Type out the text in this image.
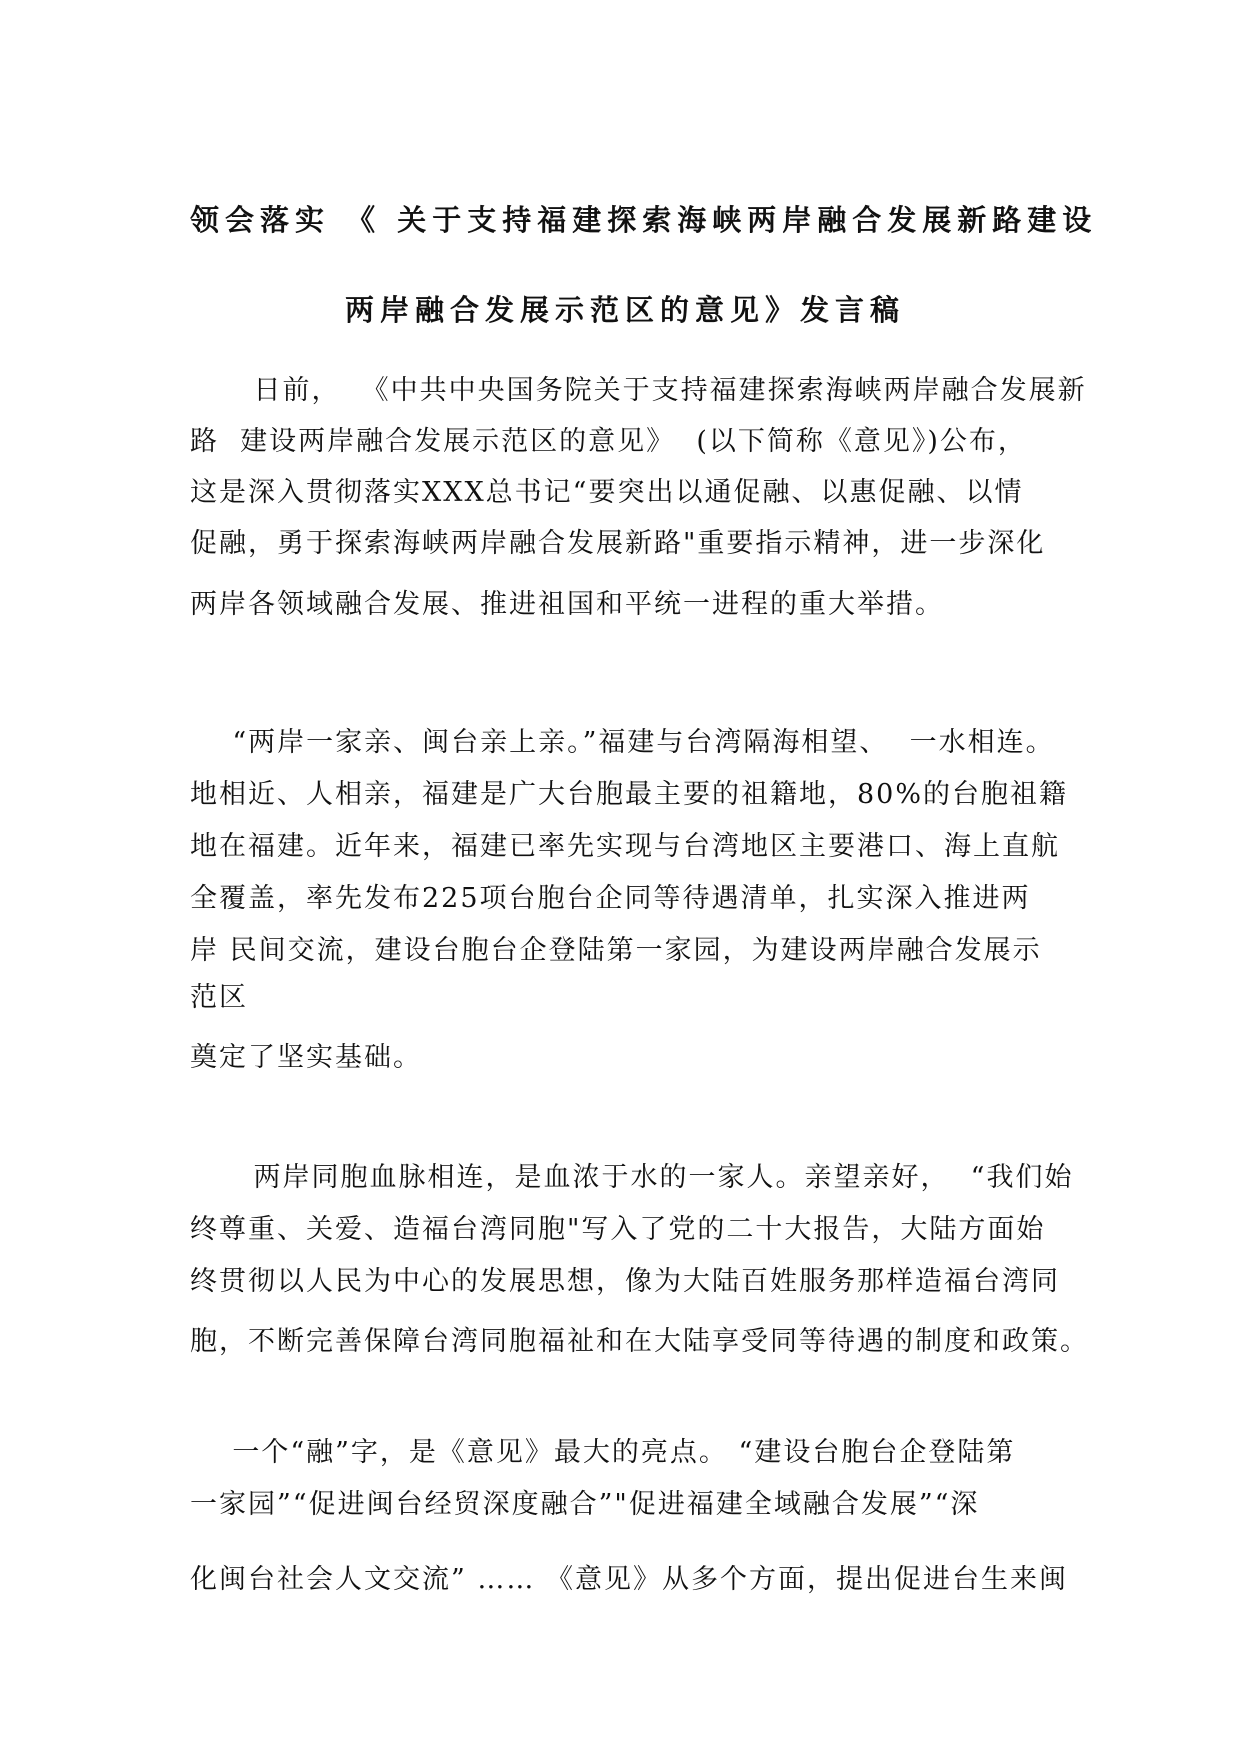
领会落实 《 关于支持福建探索海峡两岸融合发展新路建设
两岸融合发展示范区的意见》发言稿
日前，  《中共中央国务院关于支持福建探索海峡两岸融合发展新
路  建设两岸融合发展示范区的意见》  (以下简称《意见》)公布，
这是深入贯彻落实XXX总书记“要突出以通促融、以惠促融、以情
促融，勇于探索海峡两岸融合发展新路"重要指示精神，进一步深化
两岸各领域融合发展、推进祖国和平统一进程的重大举措。
“两岸一家亲、闽台亲上亲。”福建与台湾隔海相望、  一水相连。
地相近、人相亲，福建是广大台胞最主要的祖籍地，80%的台胞祖籍
地在福建。近年来，福建已率先实现与台湾地区主要港口、海上直航
全覆盖，率先发布225项台胞台企同等待遇清单，扎实深入推进两
岸 民间交流，建设台胞台企登陆第一家园，为建设两岸融合发展示
范区
奠定了坚实基础。
两岸同胞血脉相连，是血浓于水的一家人。亲望亲好，  “我们始
终尊重、关爱、造福台湾同胞"写入了党的二十大报告，大陆方面始
终贯彻以人民为中心的发展思想，像为大陆百姓服务那样造福台湾同
胞，不断完善保障台湾同胞福祉和在大陆享受同等待遇的制度和政策。
一个“融”字，是《意见》最大的亮点。 “建设台胞台企登陆第
一家园”“促进闽台经贸深度融合”"促进福建全域融合发展”“深
化闽台社会人文交流” …… 《意见》从多个方面，提出促进台生来闽
